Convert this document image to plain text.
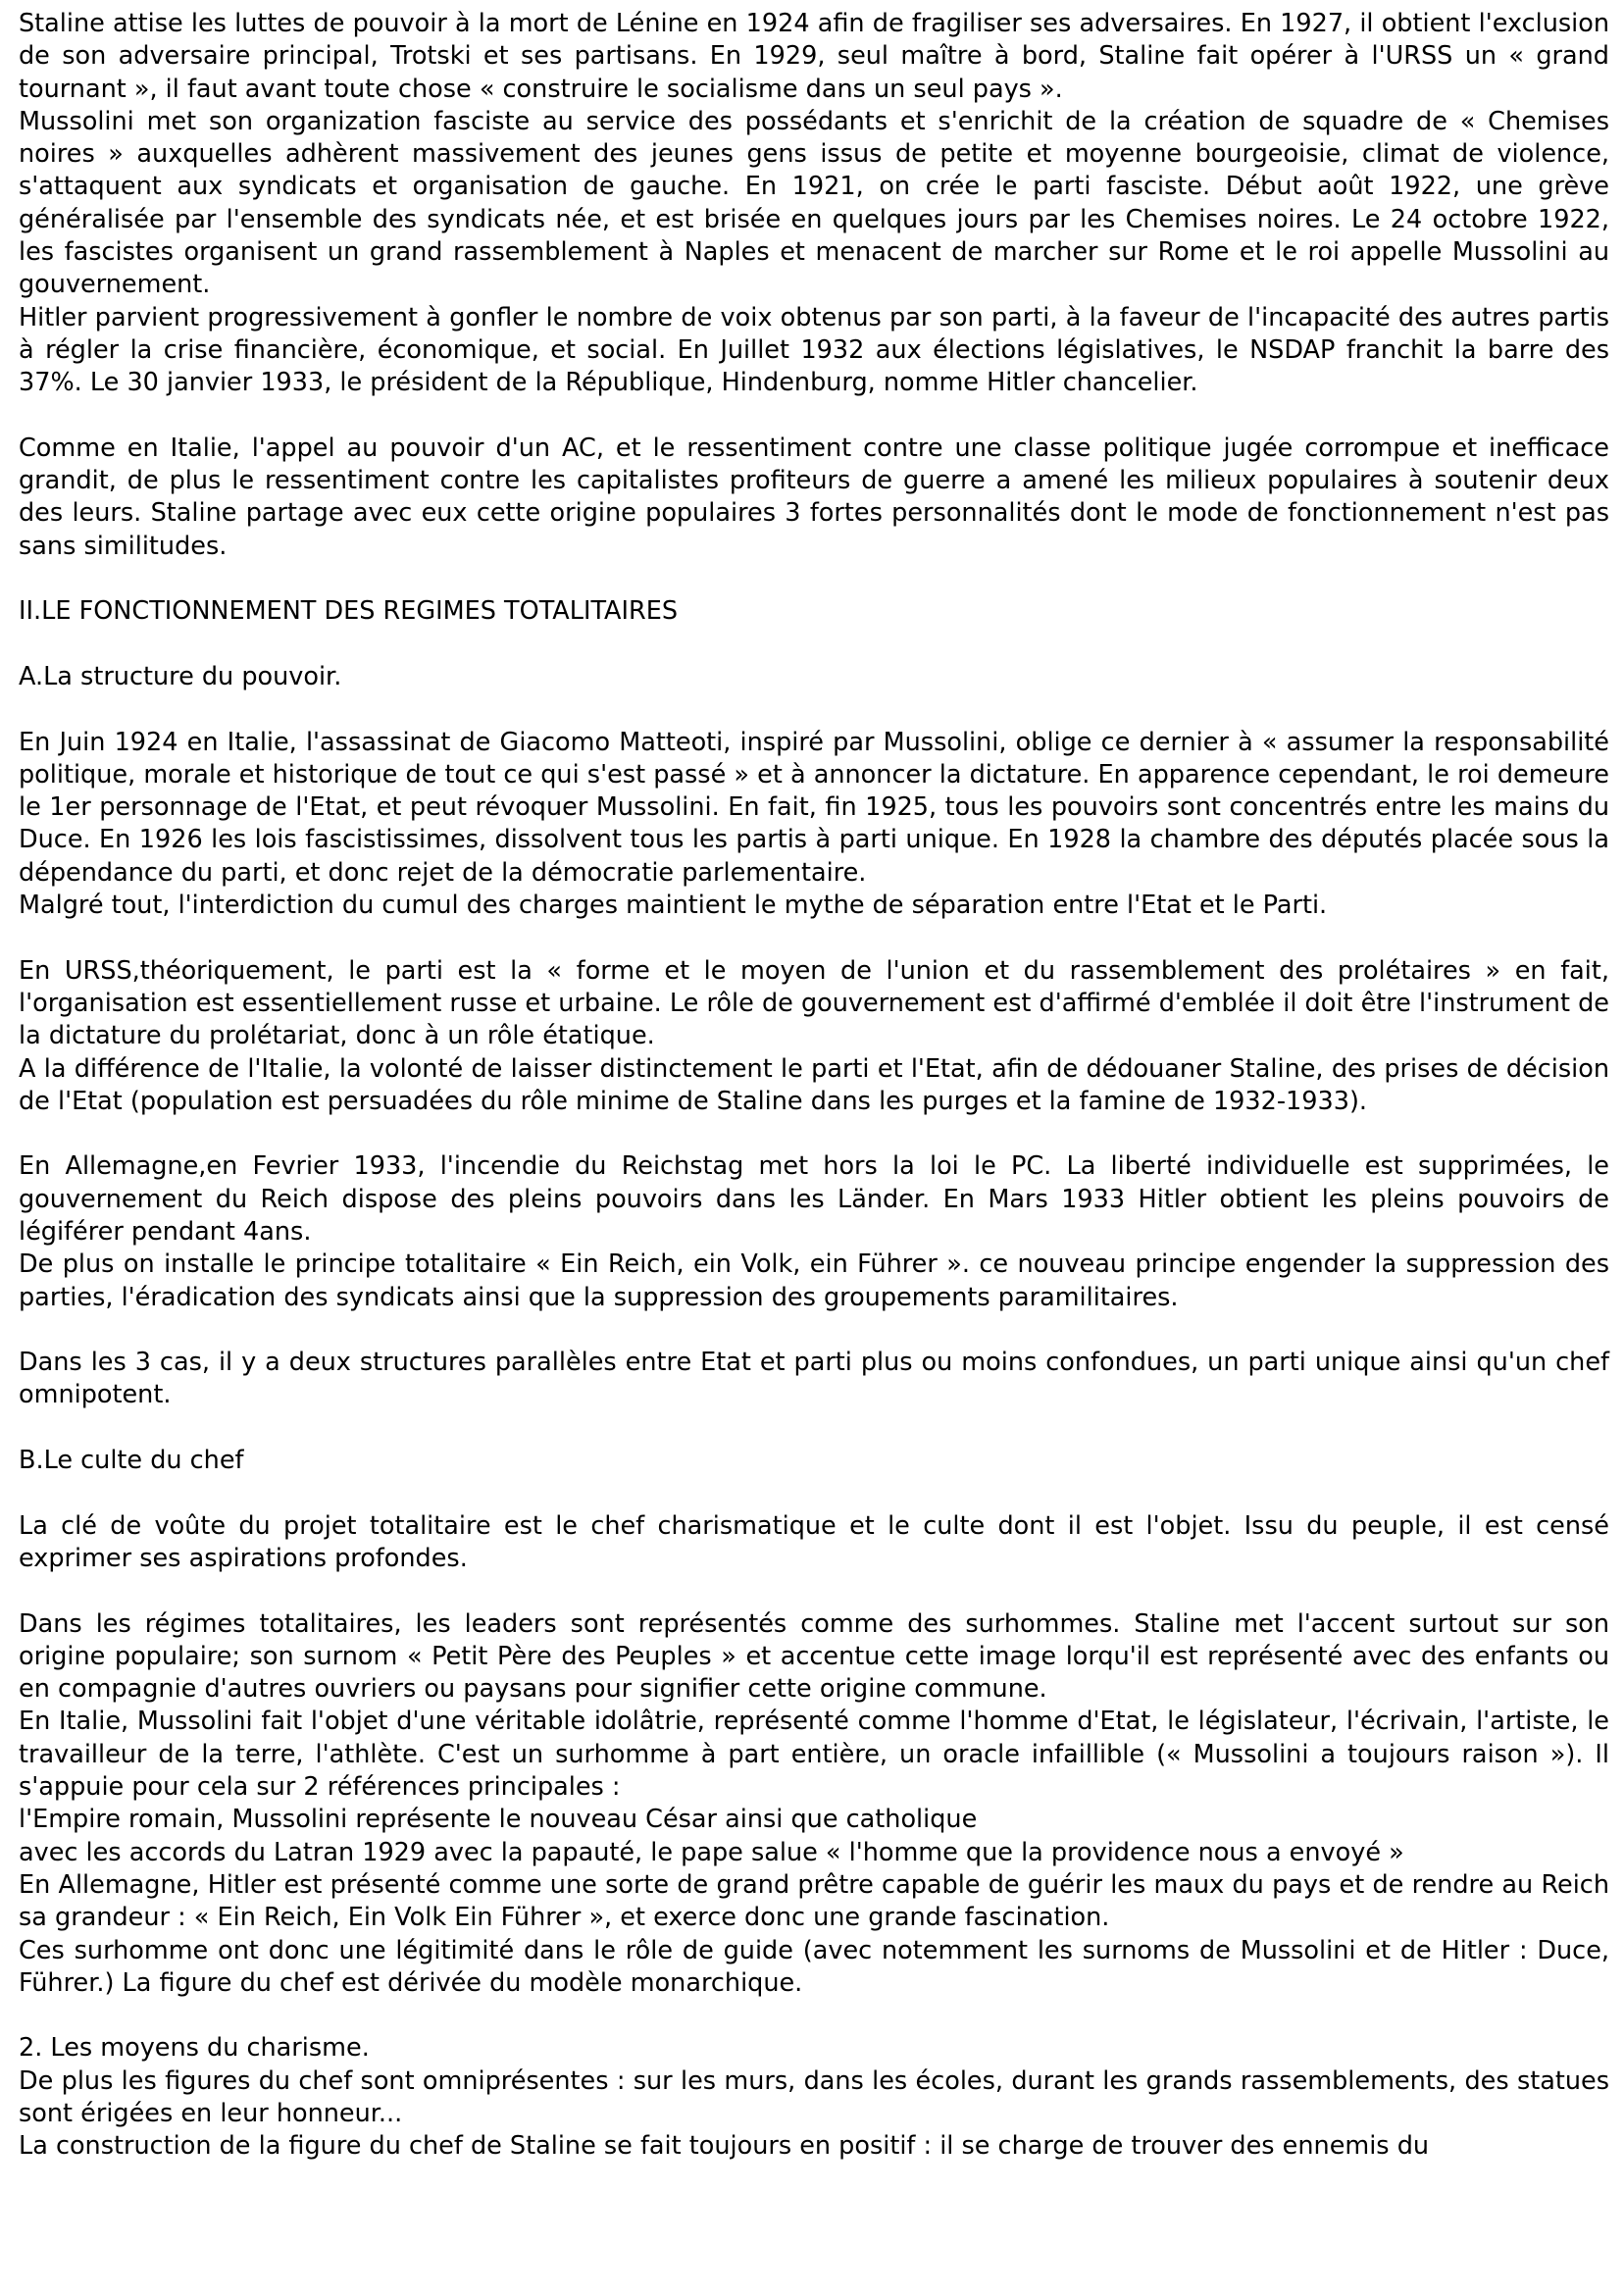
Staline attise les luttes de pouvoir à la mort de Lénine en 1924 afin de fragiliser ses adversaires. En 1927, il obtient l'exclusion de son adversaire principal, Trotski et ses partisans. En 1929, seul maître à bord, Staline fait opérer à l'URSS un « grand tournant », il faut avant toute chose « construire le socialisme dans un seul pays ».

Mussolini met son organization fasciste au service des possédants et s'enrichit de la création de squadre de « Chemises noires » auxquelles adhèrent massivement des jeunes gens issus de petite et moyenne bourgeoisie, climat de violence, s'attaquent aux syndicats et organisation de gauche. En 1921, on crée le parti fasciste. Début août 1922, une grève généralisée par l'ensemble des syndicats née, et est brisée en quelques jours par les Chemises noires. Le 24 octobre 1922, les fascistes organisent un grand rassemblement à Naples et menacent de marcher sur Rome et le roi appelle Mussolini au gouvernement.

Hitler parvient progressivement à gonfler le nombre de voix obtenus par son parti, à la faveur de l'incapacité des autres partis à régler la crise financière, économique, et social. En Juillet 1932 aux élections législatives, le NSDAP franchit la barre des 37%. Le 30 janvier 1933, le président de la République, Hindenburg, nomme Hitler chancelier.

Comme en Italie, l'appel au pouvoir d'un AC, et le ressentiment contre une classe politique jugée corrompue et inefficace grandit, de plus le ressentiment contre les capitalistes profiteurs de guerre a amené les milieux populaires à soutenir deux des leurs. Staline partage avec eux cette origine populaires 3 fortes personnalités dont le mode de fonctionnement n'est pas sans similitudes.

II.LE FONCTIONNEMENT DES REGIMES TOTALITAIRES

A.La structure du pouvoir.

En Juin 1924 en Italie, l'assassinat de Giacomo Matteoti, inspiré par Mussolini, oblige ce dernier à « assumer la responsabilité politique, morale et historique de tout ce qui s'est passé » et à annoncer la dictature. En apparence cependant, le roi demeure le 1er personnage de l'Etat, et peut révoquer Mussolini. En fait, fin 1925, tous les pouvoirs sont concentrés entre les mains du Duce. En 1926 les lois fascistissimes, dissolvent tous les partis à parti unique. En 1928 la chambre des députés placée sous la dépendance du parti, et donc rejet de la démocratie parlementaire.

Malgré tout, l'interdiction du cumul des charges maintient le mythe de séparation entre l'Etat et le Parti.

En URSS,théoriquement, le parti est la « forme et le moyen de l'union et du rassemblement des prolétaires » en fait, l'organisation est essentiellement russe et urbaine. Le rôle de gouvernement est d'affirmé d'emblée il doit être l'instrument de la dictature du prolétariat, donc à un rôle étatique.

A la différence de l'Italie, la volonté de laisser distinctement le parti et l'Etat, afin de dédouaner Staline, des prises de décision de l'Etat (population est persuadées du rôle minime de Staline dans les purges et la famine de 1932-1933).

En Allemagne,en Fevrier 1933, l'incendie du Reichstag met hors la loi le PC. La liberté individuelle est supprimées, le gouvernement du Reich dispose des pleins pouvoirs dans les Länder. En Mars 1933 Hitler obtient les pleins pouvoirs de légiférer pendant 4ans.

De plus on installe le principe totalitaire « Ein Reich, ein Volk, ein Führer ». ce nouveau principe engender la suppression des parties, l'éradication des syndicats ainsi que la suppression des groupements paramilitaires.

Dans les 3 cas, il y a deux structures parallèles entre Etat et parti plus ou moins confondues, un parti unique ainsi qu'un chef omnipotent.

B.Le culte du chef

La clé de voûte du projet totalitaire est le chef charismatique et le culte dont il est l'objet. Issu du peuple, il est censé exprimer ses aspirations profondes.

Dans les régimes totalitaires, les leaders sont représentés comme des surhommes. Staline met l'accent surtout sur son origine populaire; son surnom « Petit Père des Peuples » et accentue cette image lorqu'il est représenté avec des enfants ou en compagnie d'autres ouvriers ou paysans pour signifier cette origine commune.

En Italie, Mussolini fait l'objet d'une véritable idolâtrie, représenté comme l'homme d'Etat, le législateur, l'écrivain, l'artiste, le travailleur de la terre, l'athlète. C'est un surhomme à part entière, un oracle infaillible (« Mussolini a toujours raison »). Il s'appuie pour cela sur 2 références principales :

l'Empire romain, Mussolini représente le nouveau César ainsi que catholique

avec les accords du Latran 1929 avec la papauté, le pape salue « l'homme que la providence nous a envoyé »

En Allemagne, Hitler est présenté comme une sorte de grand prêtre capable de guérir les maux du pays et de rendre au Reich sa grandeur : « Ein Reich, Ein Volk Ein Führer », et exerce donc une grande fascination.

Ces surhomme ont donc une légitimité dans le rôle de guide (avec notemment les surnoms de Mussolini et de Hitler : Duce, Führer.) La figure du chef est dérivée du modèle monarchique.

2. Les moyens du charisme.

De plus les figures du chef sont omniprésentes : sur les murs, dans les écoles, durant les grands rassemblements, des statues sont érigées en leur honneur...

La construction de la figure du chef de Staline se fait toujours en positif : il se charge de trouver des ennemis du
